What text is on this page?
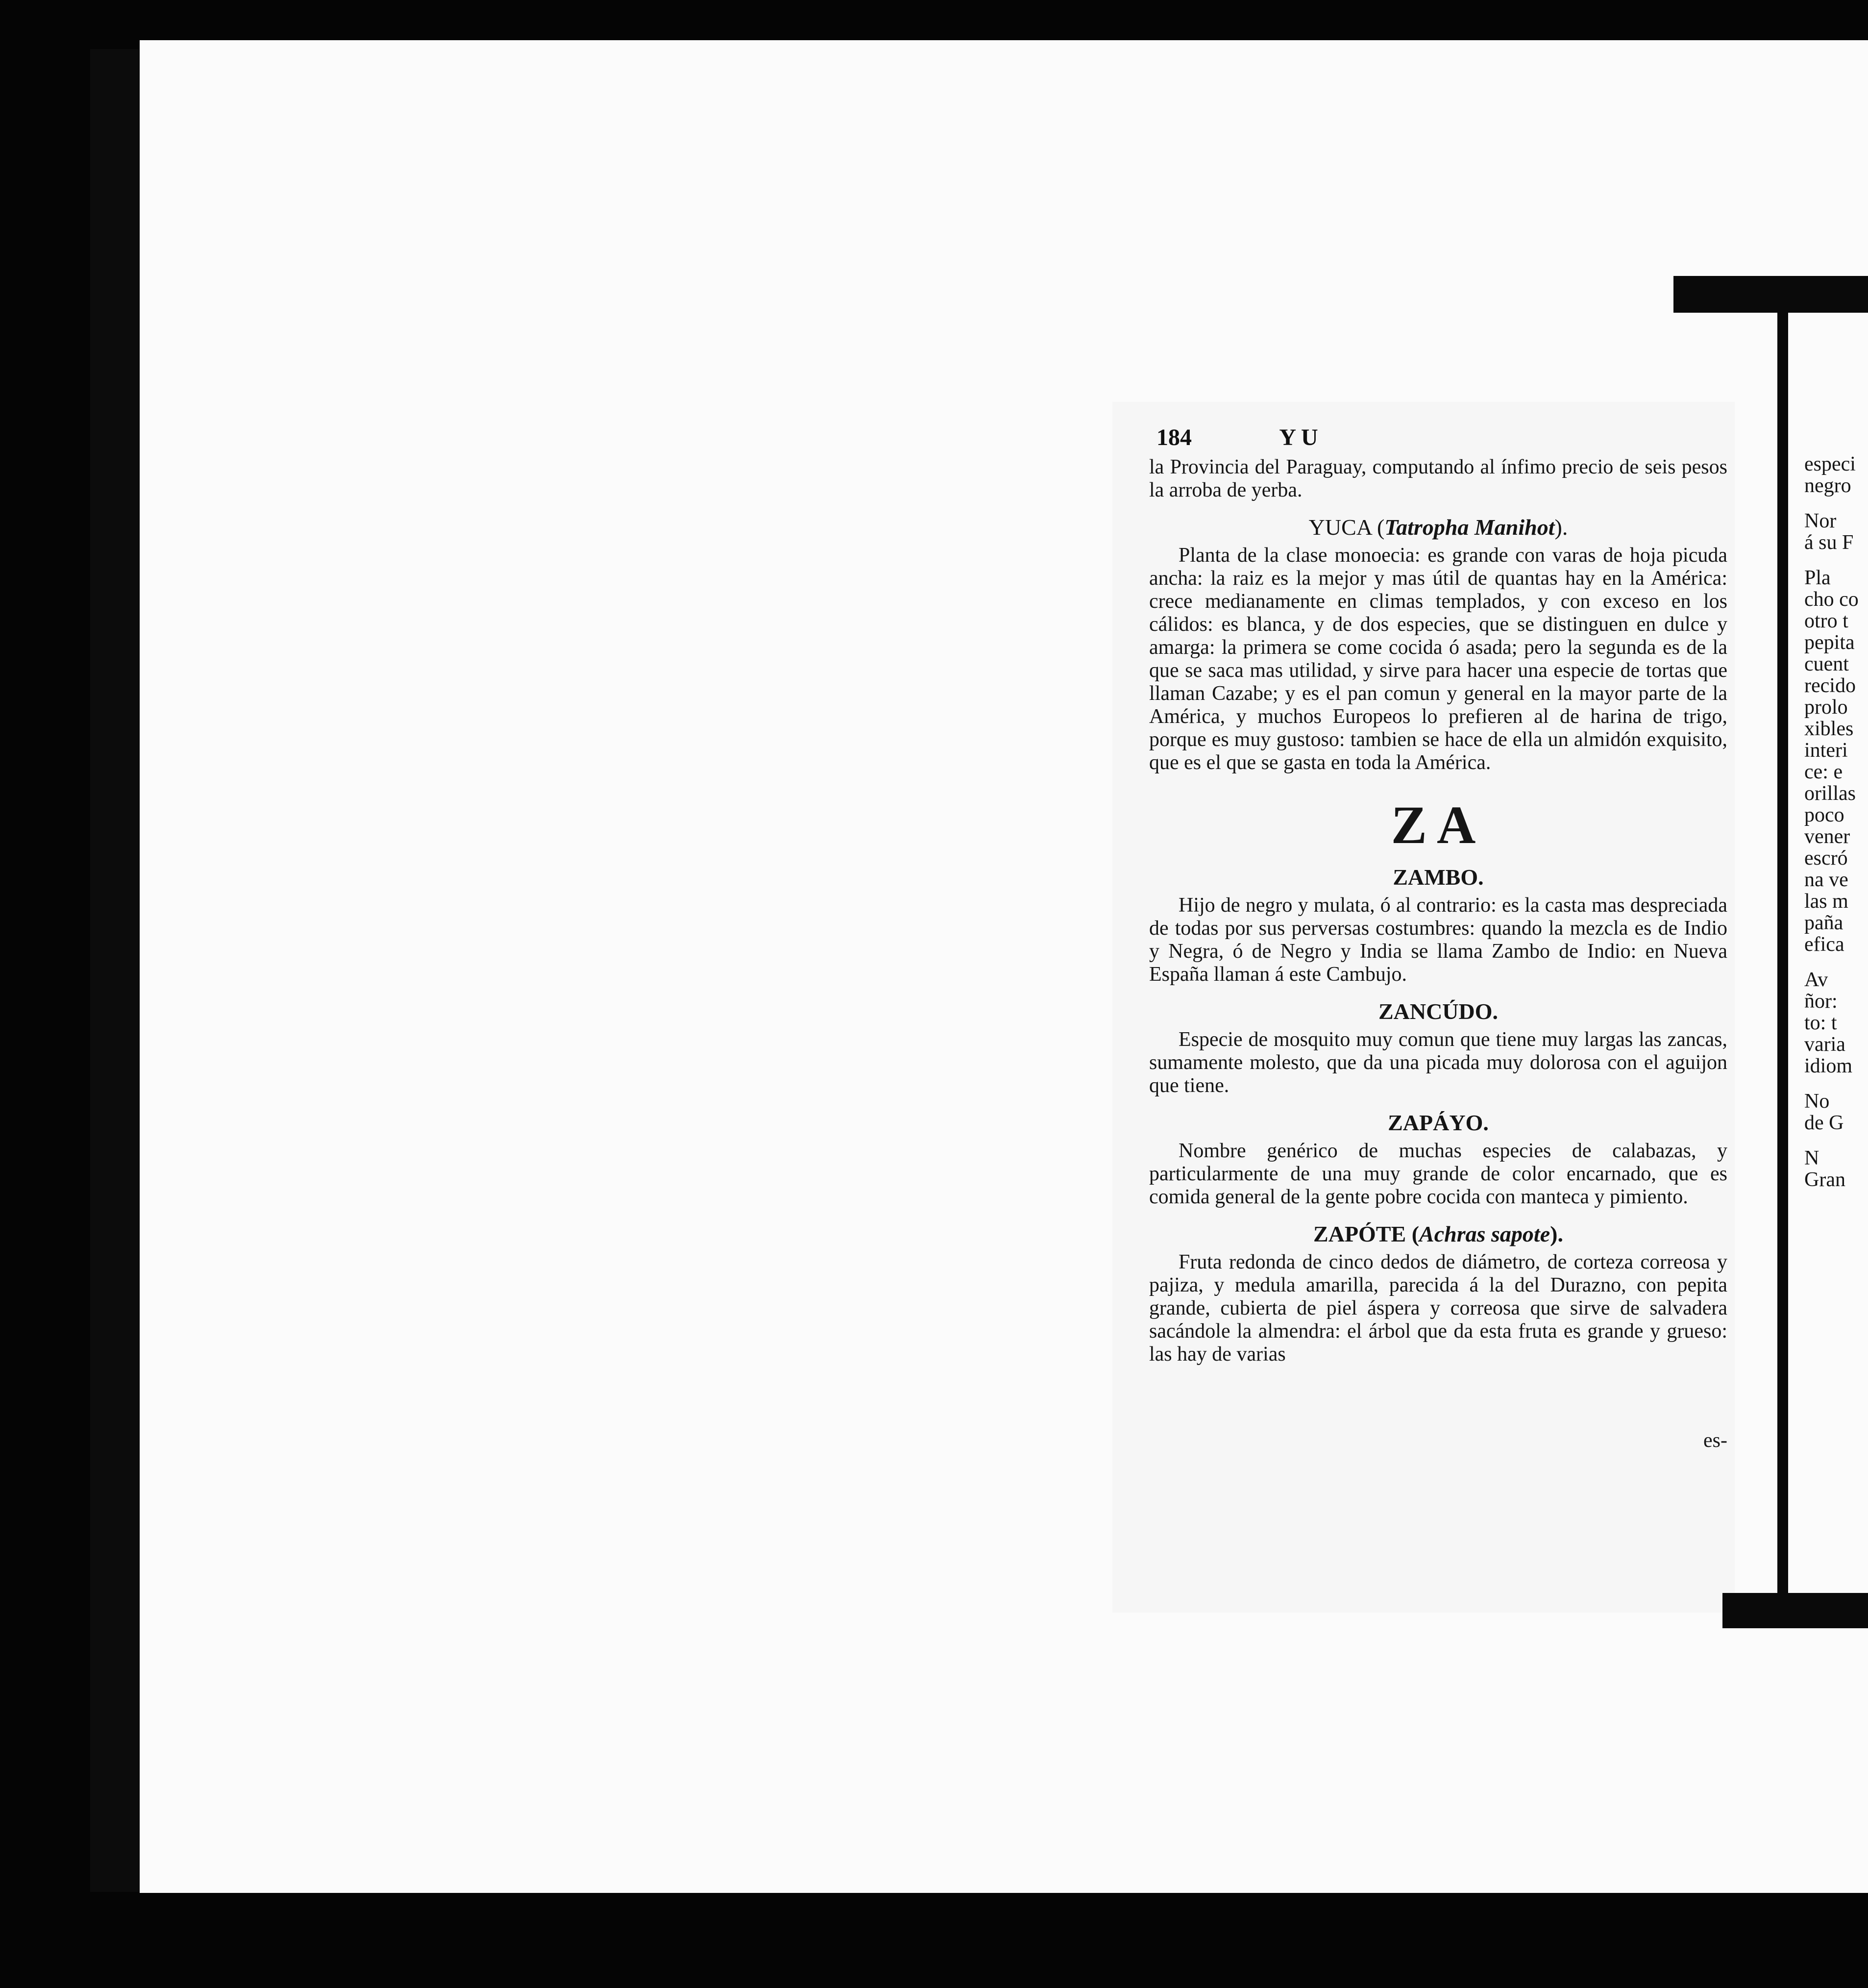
184	YU

la Provincia del Paraguay, computando al ínfimo precio de seis pesos la arroba de yerba.

YUCA (Tatropha Manihot).

Planta de la clase monoecia: es grande con varas de hoja picuda ancha: la raiz es la mejor y mas útil de quantas hay en la América: crece medianamente en climas templados, y con exceso en los cálidos: es blanca, y de dos especies, que se distinguen en dulce y amarga: la primera se come cocida ó asada; pero la segunda es de la que se saca mas utilidad, y sirve para hacer una especie de tortas que llaman Cazabe; y es el pan comun y general en la mayor parte de la América, y muchos Europeos lo prefieren al de harina de trigo, porque es muy gustoso: tambien se hace de ella un almidón exquisito, que es el que se gasta en toda la América.

ZA
ZAMBO.

Hijo de negro y mulata, ó al contrario: es la casta mas despreciada de todas por sus perversas costumbres: quando la mezcla es de Indio y Negra, ó de Negro y India se llama Zambo de Indio: en Nueva España llaman á este Cambujo.

ZANCÚDO.

Especie de mosquito muy comun que tiene muy largas las zancas, sumamente molesto, que da una picada muy dolorosa con el aguijon que tiene.

ZAPÁYO.

Nombre genérico de muchas especies de calabazas, y particularmente de una muy grande de color encarnado, que es comida general de la gente pobre cocida con manteca y pimiento.

ZAPÓTE (Achras sapote).

Fruta redonda de cinco dedos de diámetro, de corteza correosa y pajiza, y medula amarilla, parecida á la del Durazno, con pepita grande, cubierta de piel áspera y correosa que sirve de salvadera sacándole la almendra: el árbol que da esta fruta es grande y grueso: las hay de varias

es-
especi
negro
Nor
á su F
Pla
cho co
otro t
pepita
cuent
recido
prolo
xibles
interi
ce: e
orillas
poco
vener
escró
na ve
las m
paña
efica
Av
ñor:
to: t
varia
idiom
No
de G
N
Gran
